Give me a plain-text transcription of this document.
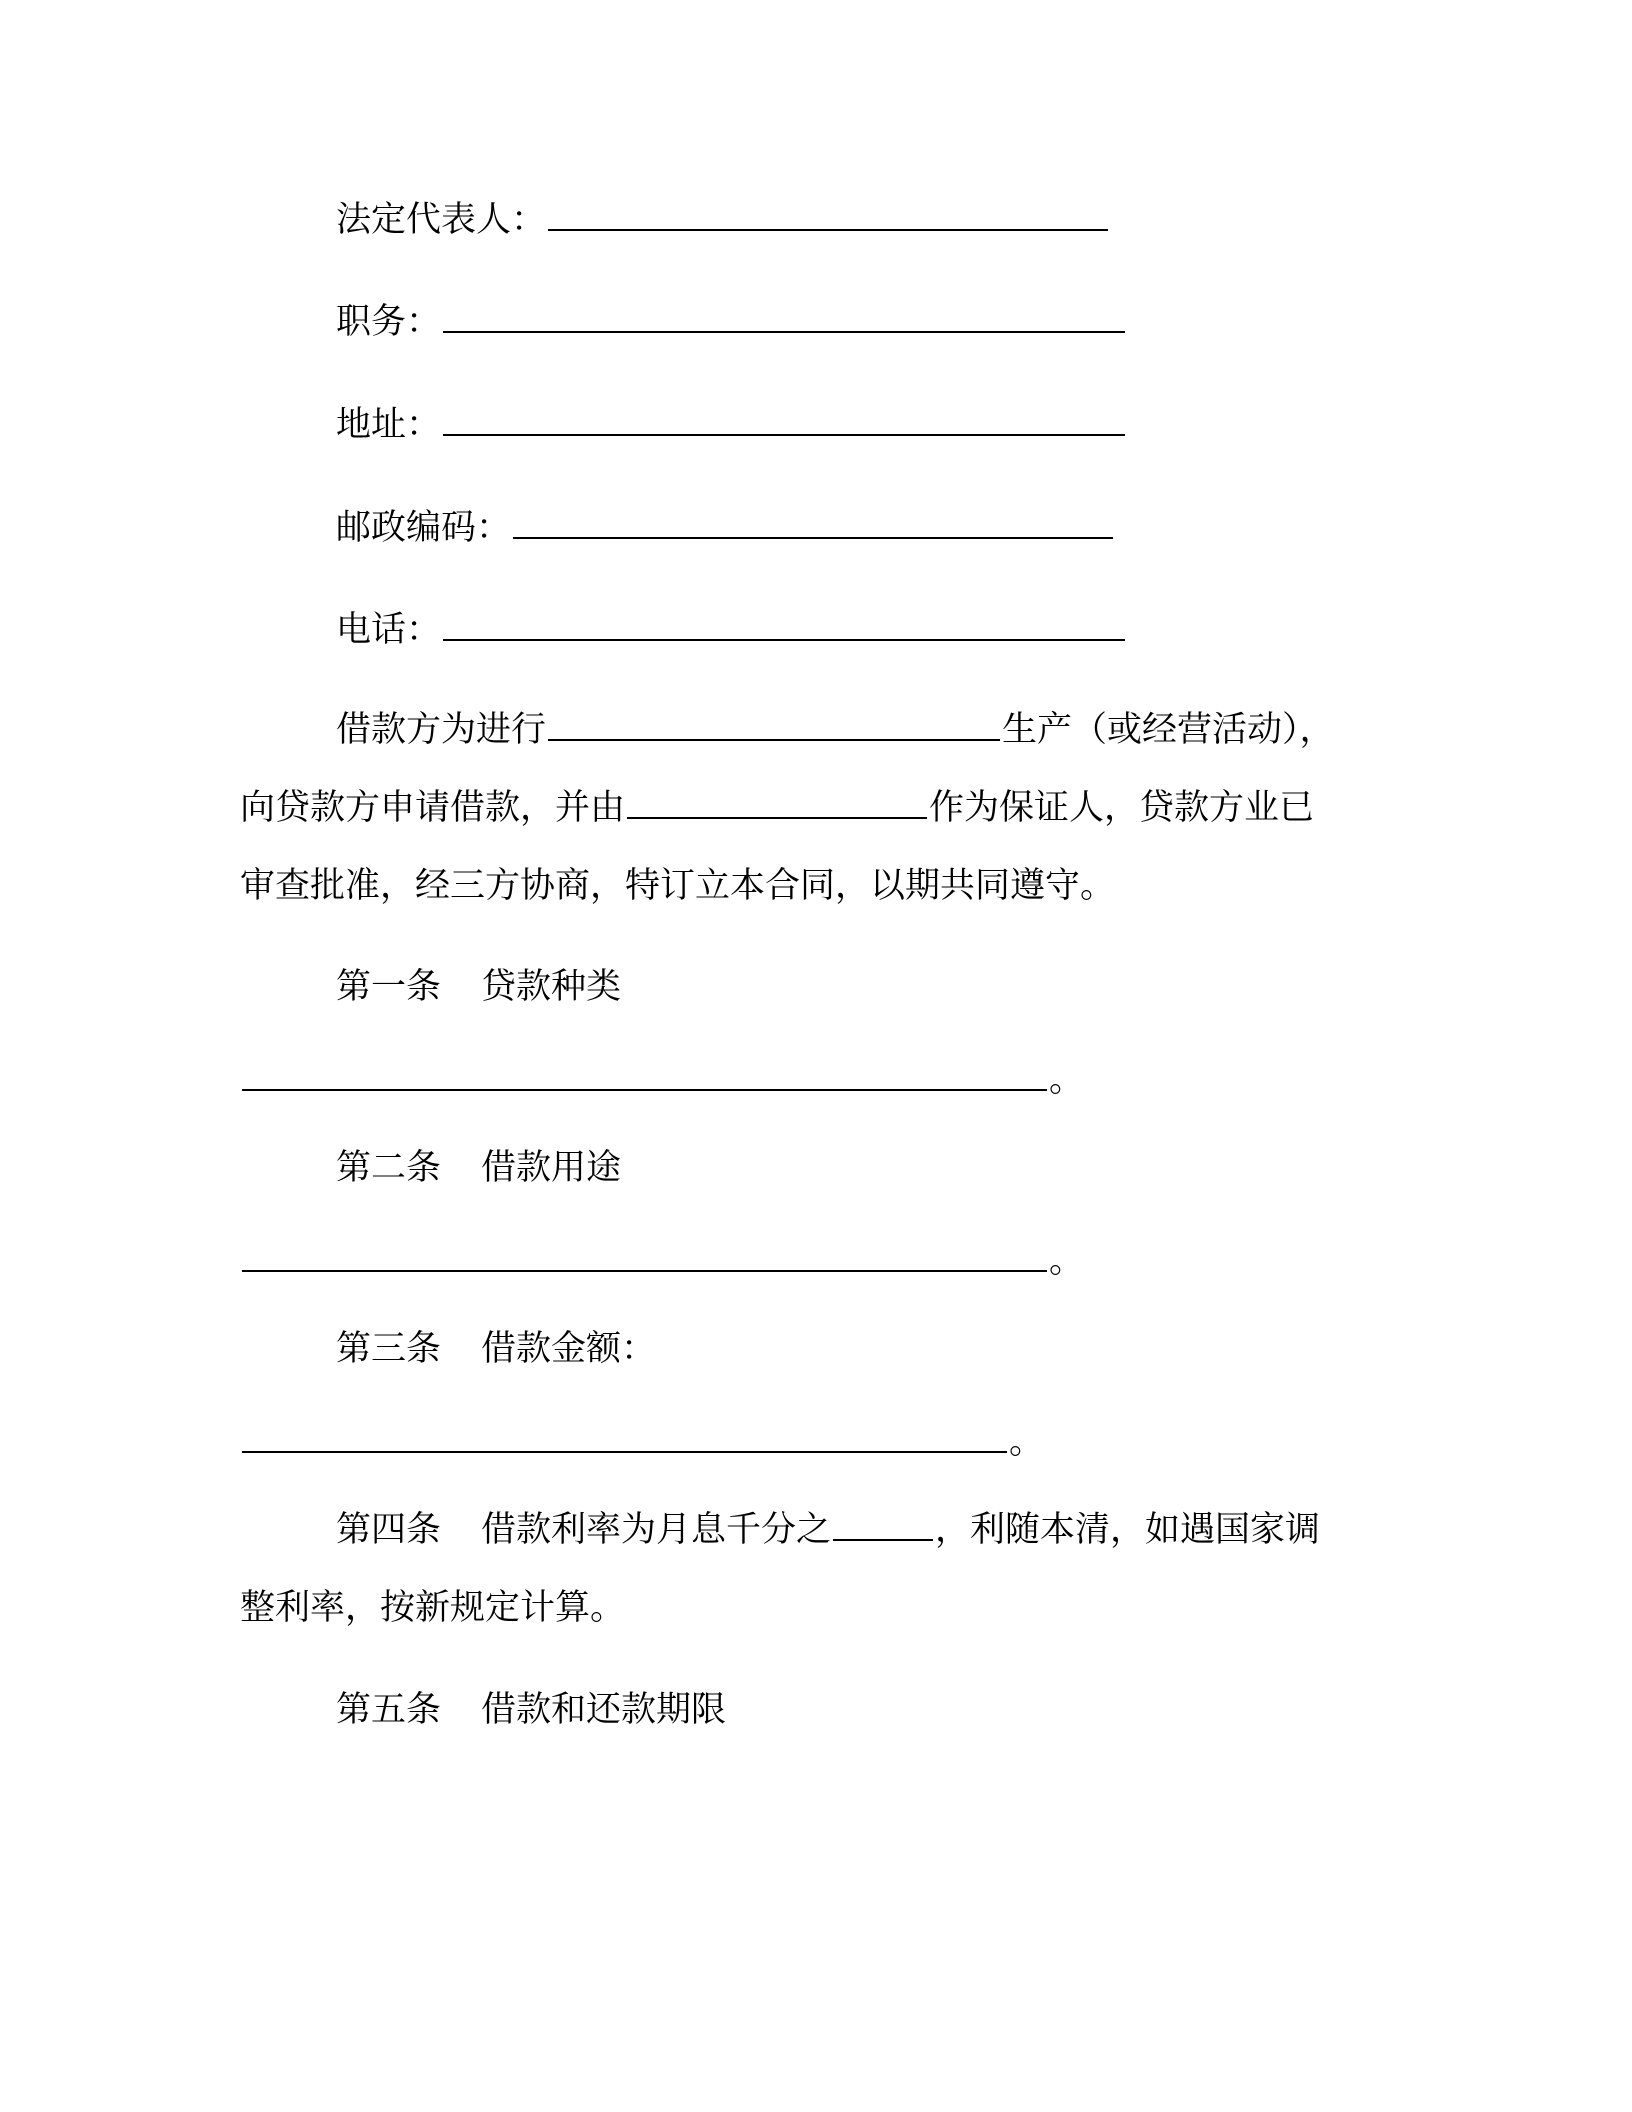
法定代表人：
职务：
地址：
邮政编码：
电话：
借款方为进行	生产（或经营活动），
向贷款方申请借款，并由	作为保证人，贷款方业已
审查批准，经三方协商，特订立本合同，以期共同遵守。
第一条 贷款种类
。
第二条 借款用途
。
第三条 借款金额：
。
第四条 借款利率为月息千分之	，利随本清，如遇国家调
整利率，按新规定计算。
第五条 借款和还款期限
